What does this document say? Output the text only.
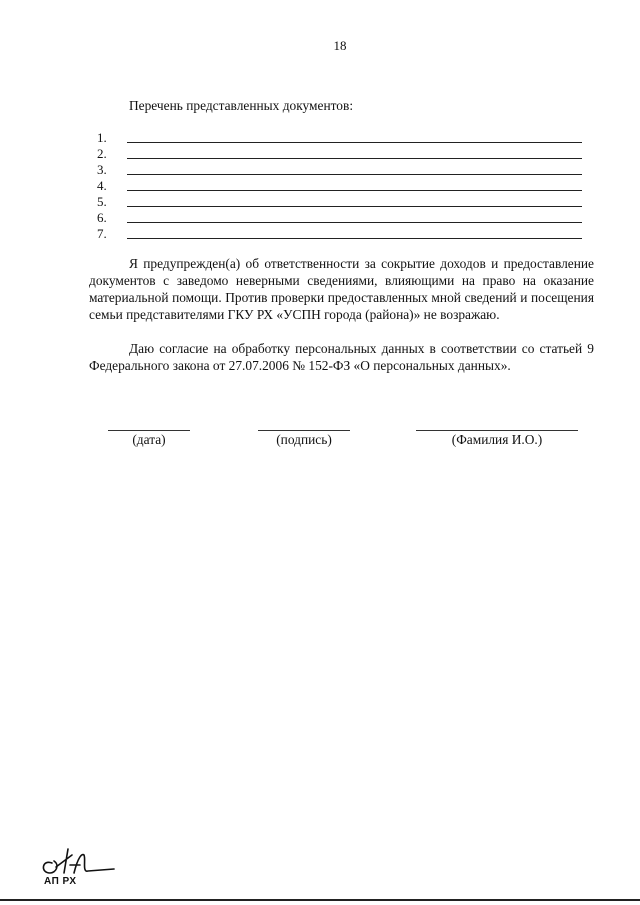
18
Перечень представленных документов:
1.
2.
3.
4.
5.
6.
7.

Я предупрежден(а) об ответственности за сокрытие доходов и предоставление документов с заведомо неверными сведениями, влияющими на право на оказание материальной помощи. Против проверки предоставленных мной сведений и посещения семьи представителями ГКУ РХ «УСПН города (района)» не возражаю.

Даю согласие на обработку персональных данных в соответствии со статьей 9 Федерального закона от 27.07.2006 № 152-ФЗ «О персональных данных».

(дата)	(подпись)	(Фамилия И.О.)
АП РХ
